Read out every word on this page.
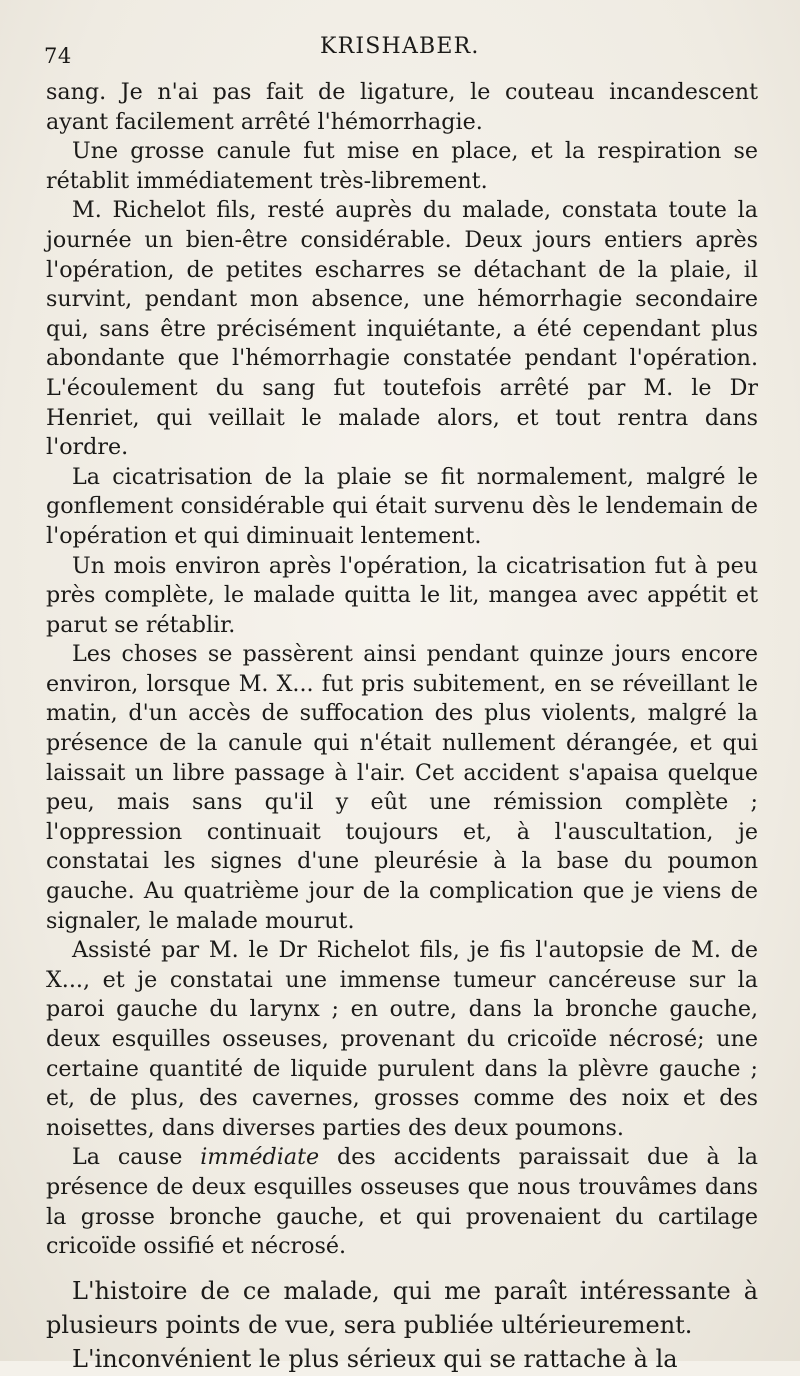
74	KRISHABER.

sang. Je n'ai pas fait de ligature, le couteau incandescent ayant facilement arrêté l'hémorrhagie.

Une grosse canule fut mise en place, et la respiration se rétablit immédiatement très-librement.

M. Richelot fils, resté auprès du malade, constata toute la journée un bien-être considérable. Deux jours entiers après l'opération, de petites escharres se détachant de la plaie, il survint, pendant mon absence, une hémorrhagie secondaire qui, sans être précisément inquiétante, a été cependant plus abondante que l'hémorrhagie constatée pendant l'opération. L'écoulement du sang fut toutefois arrêté par M. le Dr Henriet, qui veillait le malade alors, et tout rentra dans l'ordre.

La cicatrisation de la plaie se fit normalement, malgré le gonflement considérable qui était survenu dès le lendemain de l'opération et qui diminuait lentement.

Un mois environ après l'opération, la cicatrisation fut à peu près complète, le malade quitta le lit, mangea avec appétit et parut se rétablir.

Les choses se passèrent ainsi pendant quinze jours encore environ, lorsque M. X... fut pris subitement, en se réveillant le matin, d'un accès de suffocation des plus violents, malgré la présence de la canule qui n'était nullement dérangée, et qui laissait un libre passage à l'air. Cet accident s'apaisa quelque peu, mais sans qu'il y eût une rémission complète ; l'oppression continuait toujours et, à l'auscultation, je constatai les signes d'une pleurésie à la base du poumon gauche. Au quatrième jour de la complication que je viens de signaler, le malade mourut.

Assisté par M. le Dr Richelot fils, je fis l'autopsie de M. de X..., et je constatai une immense tumeur cancéreuse sur la paroi gauche du larynx ; en outre, dans la bronche gauche, deux esquilles osseuses, provenant du cricoïde nécrosé; une certaine quantité de liquide purulent dans la plèvre gauche ; et, de plus, des cavernes, grosses comme des noix et des noisettes, dans diverses parties des deux poumons.

La cause immédiate des accidents paraissait due à la présence de deux esquilles osseuses que nous trouvâmes dans la grosse bronche gauche, et qui provenaient du cartilage cricoïde ossifié et nécrosé.

L'histoire de ce malade, qui me paraît intéressante à plusieurs points de vue, sera publiée ultérieurement.

L'inconvénient le plus sérieux qui se rattache à la
